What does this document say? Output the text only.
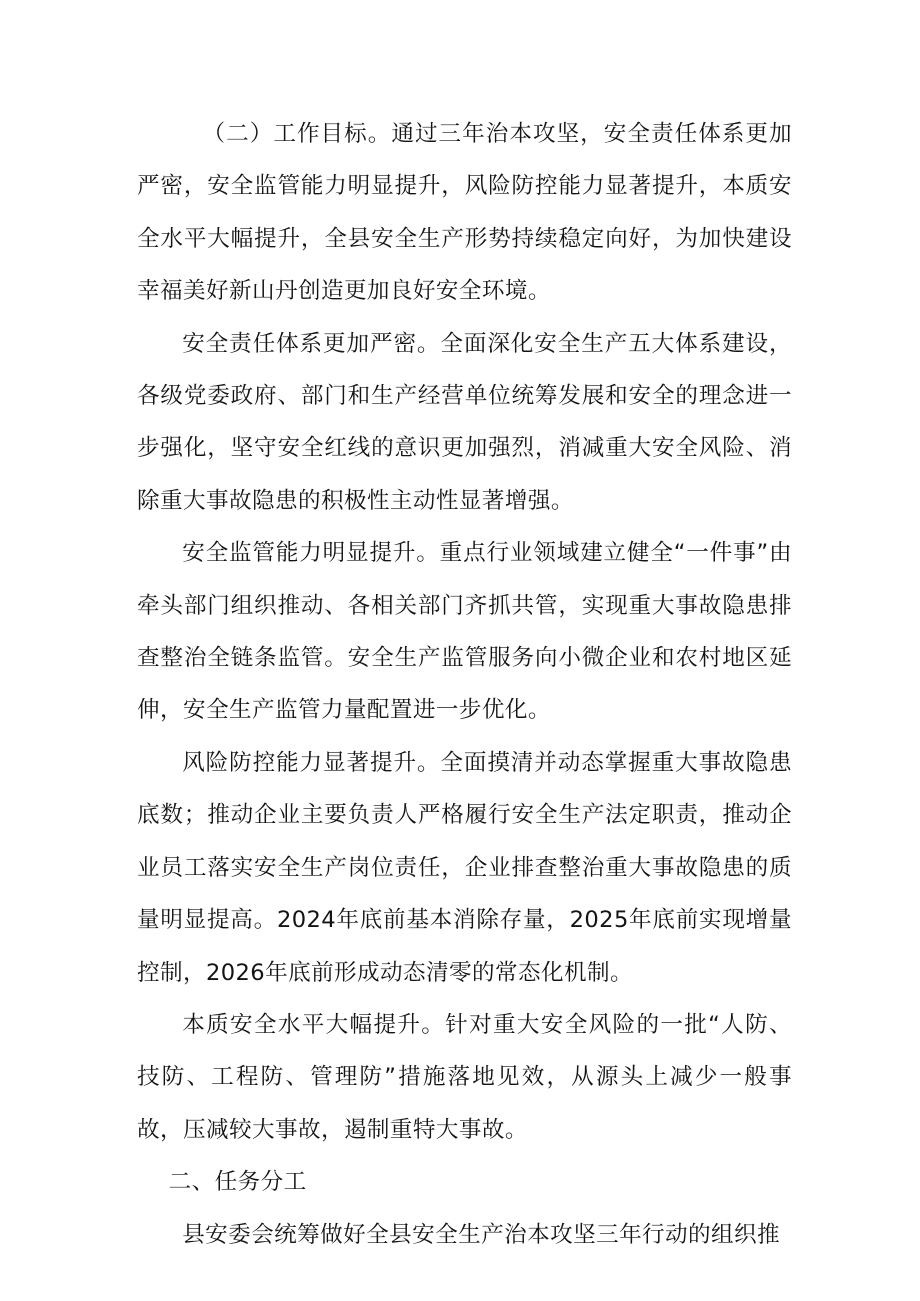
（二）工作目标。通过三年治本攻坚，安全责任体系更加严密，安全监管能力明显提升，风险防控能力显著提升，本质安全水平大幅提升，全县安全生产形势持续稳定向好，为加快建设幸福美好新山丹创造更加良好安全环境。

安全责任体系更加严密。全面深化安全生产五大体系建设，各级党委政府、部门和生产经营单位统筹发展和安全的理念进一步强化，坚守安全红线的意识更加强烈，消减重大安全风险、消除重大事故隐患的积极性主动性显著增强。

安全监管能力明显提升。重点行业领域建立健全“一件事”由牵头部门组织推动、各相关部门齐抓共管，实现重大事故隐患排查整治全链条监管。安全生产监管服务向小微企业和农村地区延伸，安全生产监管力量配置进一步优化。

风险防控能力显著提升。全面摸清并动态掌握重大事故隐患底数；推动企业主要负责人严格履行安全生产法定职责，推动企业员工落实安全生产岗位责任，企业排查整治重大事故隐患的质量明显提高。2024年底前基本消除存量，2025年底前实现增量控制，2026年底前形成动态清零的常态化机制。

本质安全水平大幅提升。针对重大安全风险的一批“人防、技防、工程防、管理防”措施落地见效，从源头上减少一般事故，压减较大事故，遏制重特大事故。

二、任务分工

县安委会统筹做好全县安全生产治本攻坚三年行动的组织推
